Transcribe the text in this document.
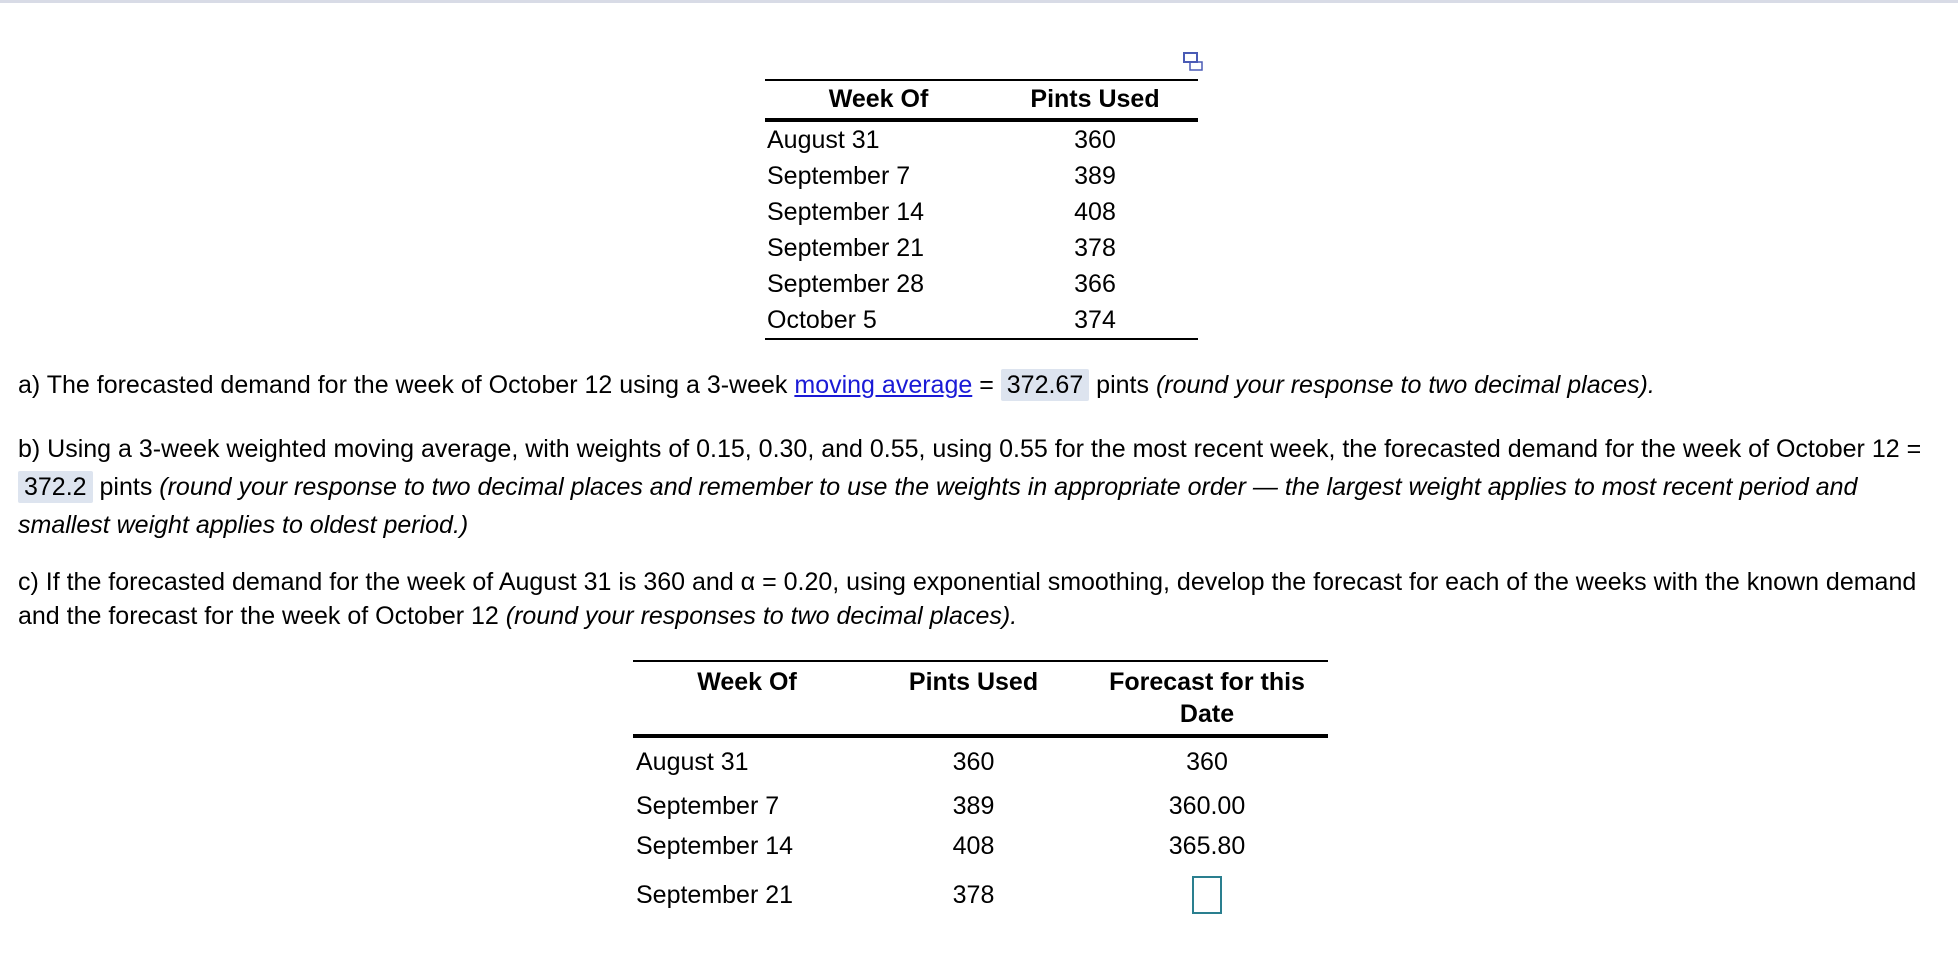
Week Of	Pints Used
August 31	360
September 7	389
September 14	408
September 21	378
September 28	366
October 5	374

a) The forecasted demand for the week of October 12 using a 3-week moving average = 372.67 pints (round your response to two decimal places).

b) Using a 3-week weighted moving average, with weights of 0.15, 0.30, and 0.55, using 0.55 for the most recent week, the forecasted demand for the week of October 12 = 372.2 pints (round your response to two decimal places and remember to use the weights in appropriate order — the largest weight applies to most recent period and smallest weight applies to oldest period.)

c) If the forecasted demand for the week of August 31 is 360 and α = 0.20, using exponential smoothing, develop the forecast for each of the weeks with the known demand and the forecast for the week of October 12 (round your responses to two decimal places).

Week Of	Pints Used	Forecast for this Date
August 31	360	360
September 7	389	360.00
September 14	408	365.80
September 21	378	
